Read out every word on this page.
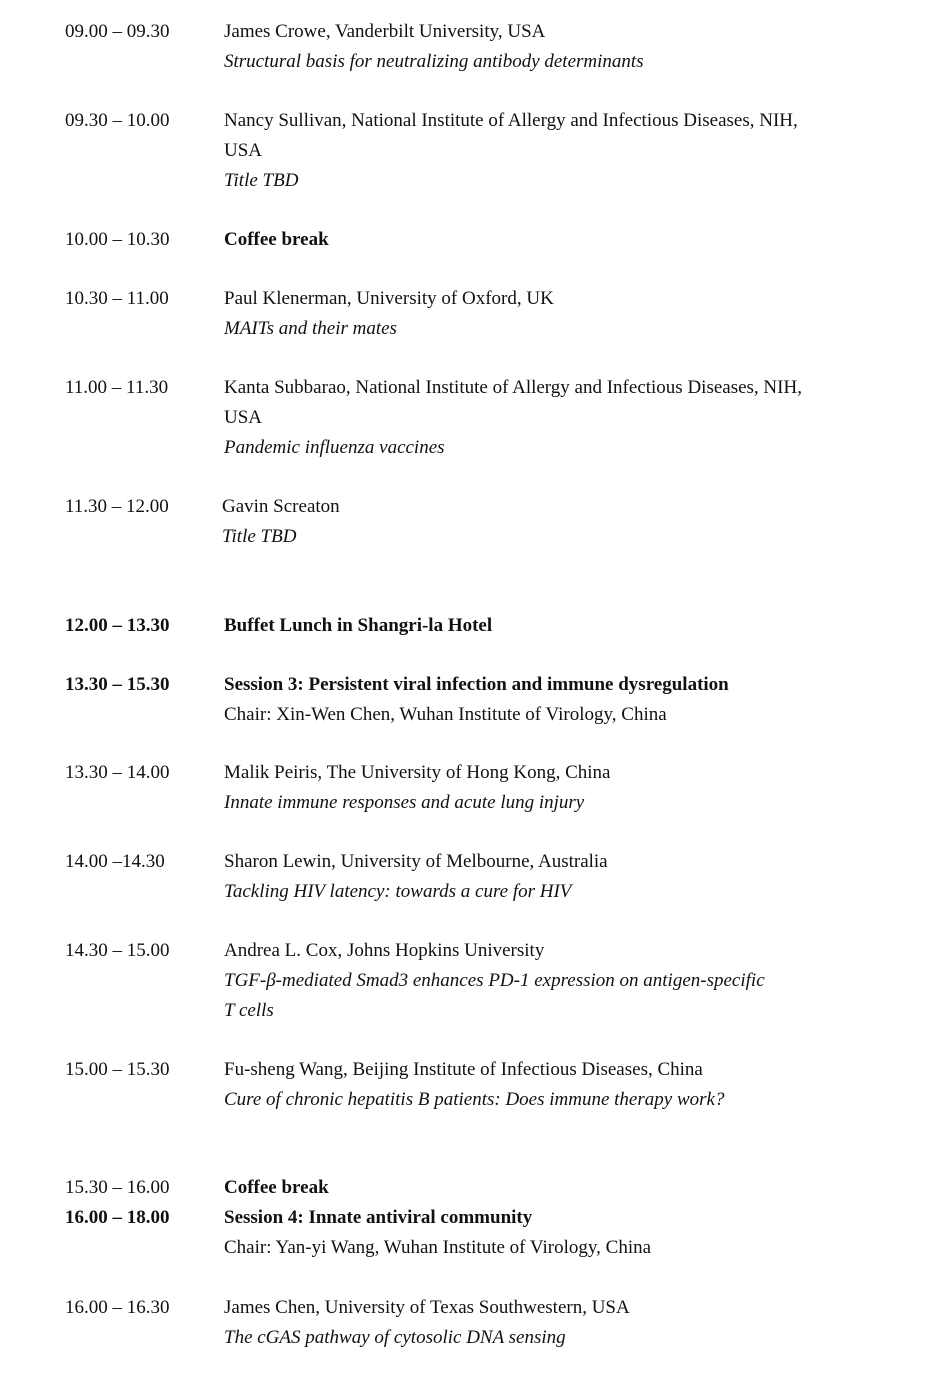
09.00 – 09.30	James Crowe, Vanderbilt University, USA
Structural basis for neutralizing antibody determinants
09.30 – 10.00	Nancy Sullivan, National Institute of Allergy and Infectious Diseases, NIH,
USA
Title TBD
10.00 – 10.30	Coffee break
10.30 – 11.00	Paul Klenerman, University of Oxford, UK
MAITs and their mates
11.00 – 11.30	Kanta Subbarao, National Institute of Allergy and Infectious Diseases, NIH,
USA
Pandemic influenza vaccines
11.30 – 12.00	Gavin Screaton
Title TBD
12.00 – 13.30	Buffet Lunch in Shangri-la Hotel
13.30 – 15.30	Session 3: Persistent viral infection and immune dysregulation
Chair: Xin-Wen Chen, Wuhan Institute of Virology, China
13.30 – 14.00	Malik Peiris, The University of Hong Kong, China
Innate immune responses and acute lung injury
14.00 –14.30	Sharon Lewin, University of Melbourne, Australia
Tackling HIV latency: towards a cure for HIV
14.30 – 15.00	Andrea L. Cox, Johns Hopkins University
TGF-β-mediated Smad3 enhances PD-1 expression on antigen-specific
T cells
15.00 – 15.30	Fu-sheng Wang, Beijing Institute of Infectious Diseases, China
Cure of chronic hepatitis B patients: Does immune therapy work?
15.30 – 16.00	Coffee break
16.00 – 18.00	Session 4: Innate antiviral community
Chair: Yan-yi Wang, Wuhan Institute of Virology, China
16.00 – 16.30	James Chen, University of Texas Southwestern, USA
The cGAS pathway of cytosolic DNA sensing
